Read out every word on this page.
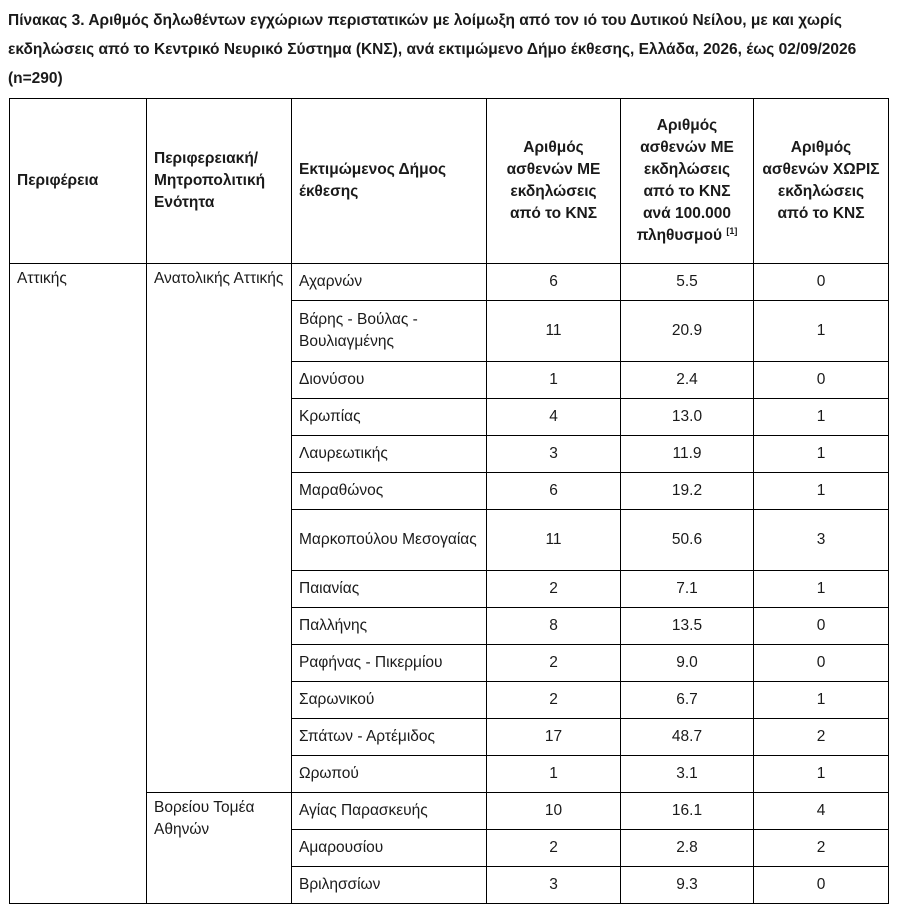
Πίνακας 3. Αριθμός δηλωθέντων εγχώριων περιστατικών με λοίμωξη από τον ιό του Δυτικού Νείλου, με και χωρίς εκδηλώσεις από το Κεντρικό Νευρικό Σύστημα (ΚΝΣ), ανά εκτιμώμενο Δήμο έκθεσης, Ελλάδα, 2026, έως 02/09/2026 (n=290)

Περιφέρεια	Περιφερειακή/ Μητροπολιτική Ενότητα	Εκτιμώμενος Δήμος έκθεσης	Αριθμός ασθενών ΜΕ εκδηλώσεις από το ΚΝΣ	Αριθμός ασθενών ΜΕ εκδηλώσεις από το ΚΝΣ ανά 100.000 πληθυσμού [1]	Αριθμός ασθενών ΧΩΡΙΣ εκδηλώσεις από το ΚΝΣ
Αττικής	Ανατολικής Αττικής	Αχαρνών	6	5.5	0
		Βάρης - Βούλας - Βουλιαγμένης	11	20.9	1
		Διονύσου	1	2.4	0
		Κρωπίας	4	13.0	1
		Λαυρεωτικής	3	11.9	1
		Μαραθώνος	6	19.2	1
		Μαρκοπούλου Μεσογαίας	11	50.6	3
		Παιανίας	2	7.1	1
		Παλλήνης	8	13.5	0
		Ραφήνας - Πικερμίου	2	9.0	0
		Σαρωνικού	2	6.7	1
		Σπάτων - Αρτέμιδος	17	48.7	2
		Ωρωπού	1	3.1	1
	Βορείου Τομέα Αθηνών	Αγίας Παρασκευής	10	16.1	4
		Αμαρουσίου	2	2.8	2
		Βριλησσίων	3	9.3	0
